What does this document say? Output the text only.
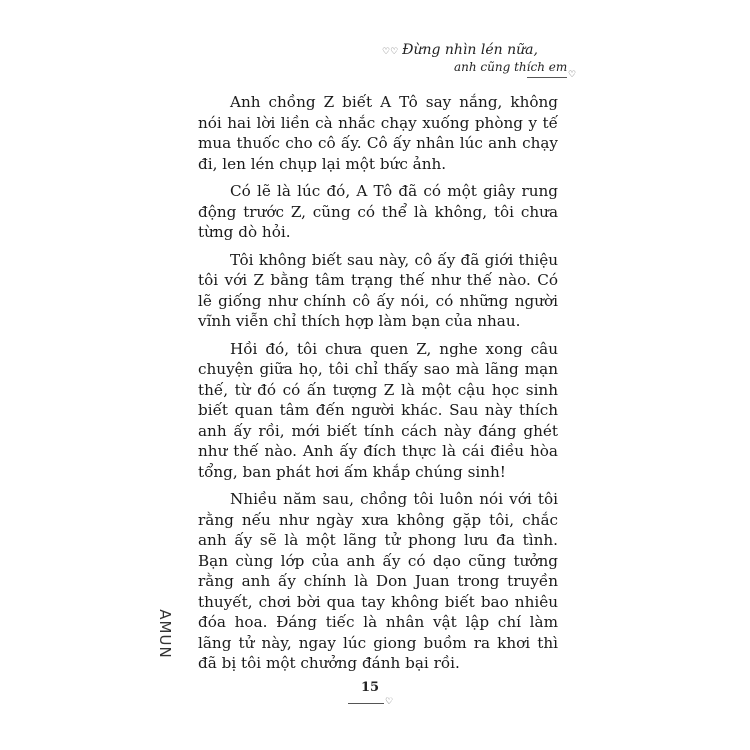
♡♡ Đừng nhìn lén nữa,
anh cũng thích em
♡

Anh chồng Z biết A Tô say nắng, không nói hai lời liền cà nhắc chạy xuống phòng y tế mua thuốc cho cô ấy. Cô ấy nhân lúc anh chạy đi, len lén chụp lại một bức ảnh.

Có lẽ là lúc đó, A Tô đã có một giây rung động trước Z, cũng có thể là không, tôi chưa từng dò hỏi.

Tôi không biết sau này, cô ấy đã giới thiệu tôi với Z bằng tâm trạng thế như thế nào. Có lẽ giống như chính cô ấy nói, có những người vĩnh viễn chỉ thích hợp làm bạn của nhau.

Hồi đó, tôi chưa quen Z, nghe xong câu chuyện giữa họ, tôi chỉ thấy sao mà lãng mạn thế, từ đó có ấn tượng Z là một cậu học sinh biết quan tâm đến người khác. Sau này thích anh ấy rồi, mới biết tính cách này đáng ghét như thế nào. Anh ấy đích thực là cái điều hòa tổng, ban phát hơi ấm khắp chúng sinh!

Nhiều năm sau, chồng tôi luôn nói với tôi rằng nếu như ngày xưa không gặp tôi, chắc anh ấy sẽ là một lãng tử phong lưu đa tình. Bạn cùng lớp của anh ấy có dạo cũng tưởng rằng anh ấy chính là Don Juan trong truyền thuyết, chơi bời qua tay không biết bao nhiêu đóa hoa. Đáng tiếc là nhân vật lập chí làm lãng tử này, ngay lúc giong buồm ra khơi thì đã bị tôi một chưởng đánh bại rồi.

AMUN
15
♡
